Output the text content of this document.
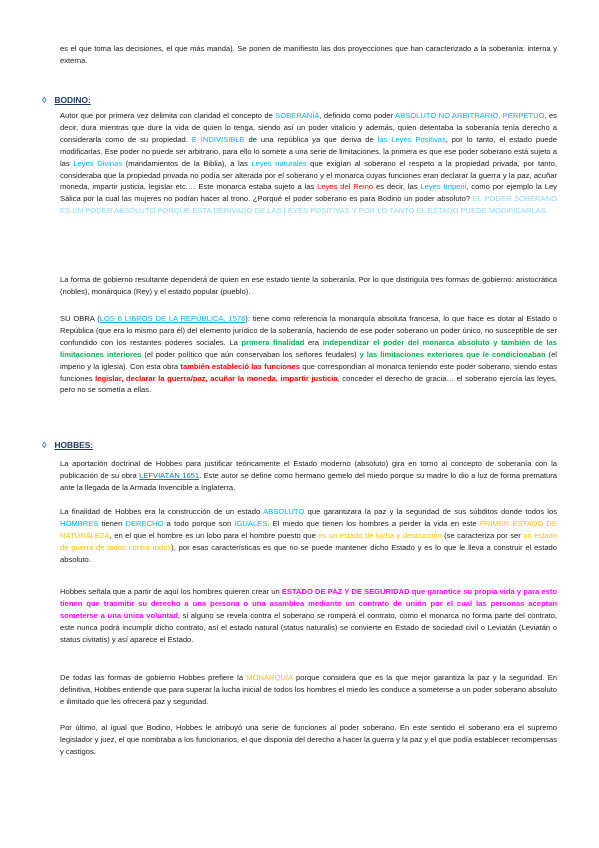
es el que toma las decisiones, el que más manda). Se ponen de manifiesto las dos proyecciones que han caracterizado a la soberanía: interna y externa.

◊ BODINO:

Autor que por primera vez delimita con claridad el concepto de SOBERANÍA, definido como poder ABSOLUTO NO ARBITRARIO, PERPETUO, es decir, dura mientras que dure la vida de quien lo tenga, siendo así un poder vitalicio y además, quien detentaba la soberanía tenía derecho a considerarla como de su propiedad. E INDIVISIBLE de una república ya que deriva de las Leyes Positivas, por lo tanto, el estado puede modificarlas. Ese poder no puede ser arbitrario, para ello lo somete a una serie de limitaciones, la primera es que ese poder soberano está sujeto a las Leyes Divinas (mandamientos de la Biblia), a las Leyes naturales que exigían al soberano el respeto a la propiedad privada, por tanto, consideraba que la propiedad privada no podía ser alterada por el soberano y el monarca cuyas funciones eran declarar la guerra y la paz, acuñar moneda, impartir justicia, legislar etc.… Este monarca estaba sujeto a las Leyes del Reino es decir, las Leyes Imperii, como por ejemplo la Ley Sálica por la cual las mujeres no podían hacer al trono. ¿Porqué el poder soberano es para Bodino un poder absoluto? EL PODER SOBERANO ES UN PODER ABSOLUTO PORQUE ESTA DERIVADO DE LAS LEYES POSITIVAS Y POR LO TANTO EL ESTADO PUEDE MODIFICARLAS.

La forma de gobierno resultante dependerá de quien en ese estado tiente la soberanía. Por lo que distinguía tres formas de gobierno: aristocrática (nobles), monárquica (Rey) y el estado popular (pueblo).

SU OBRA (LOS 6 LIBROS DE LA REPÚBLICA, 1576): tiene como referencia la monarquía absoluta francesa, lo que hace es dotar al Estado o República (que era lo mismo para él) del elemento jurídico de la soberanía, haciendo de ese poder soberano un poder único, no susceptible de ser confundido con los restantes poderes sociales. La primera finalidad era independizar el poder del monarca absoluto y también de las limitaciones interiores (el poder político que aún conservaban los señores feudales) y las limitaciones exteriores que le condicionaban (el imperio y la iglesia). Con esta obra también estableció las funciones que correspondían al monarca teniendo este poder soberano, siendo estas funciones legislar, declarar la guerra/paz, acuñar la moneda, impartir justicia, conceder el derecho de gracia… el soberano ejercía las leyes, pero no se sometía a ellas.

◊ HOBBES:

La aportación doctrinal de Hobbes para justificar teóricamente el Estado moderno (absoluto) gira en torno al concepto de soberanía con la publicación de su obra LEFVIATÁN 1651. Este autor se define como hermano gemelo del miedo porque su madre lo dio a luz de forma prematura ante la llegada de la Armada Invencible a Inglaterra.

La finalidad de Hobbes era la construcción de un estado ABSOLUTO que garantizara la paz y la seguridad de sus súbditos donde todos los HOMBRES tienen DERECHO a todo porque son IGUALES. El miedo que tienen los hombres a perder la vida en este PRIMER ESTADO DE NATURALEZA, en el que el hombre es un lobo para el hombre puesto que es un estado de lucha y destrucción (se caracteriza por ser un estado de guerra de todos contra todos), por esas características es que no se puede mantener dicho Estado y es lo que le lleva a construir el estado absoluto.

Hobbes señala que a partir de aquí los hombres quieren crear un ESTADO DE PAZ Y DE SEGURIDAD que garantice su propia vida y para esto tienen que trasmitir su derecho a una persona o una asamblea mediante un contrato de unión por el cual las personas aceptan someterse a una única voluntad, si alguno se revela contra el soberano se romperá el contrato, como el monarca no forma parte del contrato, este nunca podrá incumplir dicho contrato, así el estado natural (status naturalis) se convierte en Estado de sociedad civil o Leviatán (Leviatán o status civitatis) y así aparece el Estado.

De todas las formas de gobierno Hobbes prefiere la MONARQUÍA porque considera que es la que mejor garantiza la paz y la seguridad. En definitiva, Hobbes entiende que para superar la lucha inicial de todos los hombres el miedo les conduce a someterse a un poder soberano absoluto e ilimitado que les ofrecerá paz y seguridad.

Por último, al igual que Bodino, Hobbes le atribuyó una serie de funciones al poder soberano. En este sentido el soberano era el supremo legislador y juez, el que nombraba a los funcionarios, el que disponía del derecho a hacer la guerra y la paz y el que podía establecer recompensas y castigos.
